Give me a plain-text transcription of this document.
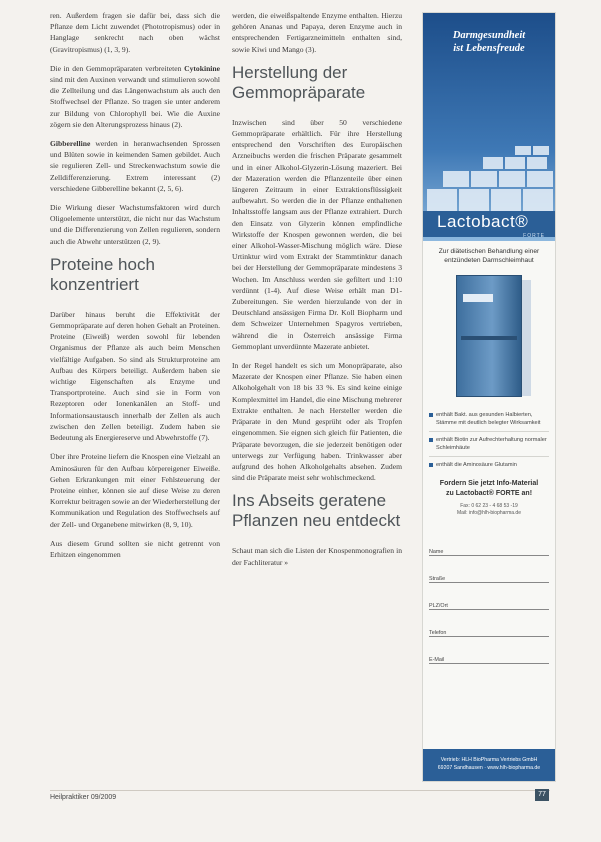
ren. Außerdem fragen sie dafür bei, dass sich die Pflanze dem Licht zuwendet (Phototropismus) oder in Hanglage senkrecht nach oben wächst (Gravitropismus) (1, 3, 9).

Die in den Gemmopräparaten verbreiteten Cytokinine sind mit den Auxinen verwandt und stimulieren sowohl die Zellteilung und das Längenwachstum als auch den Stoffwechsel der Pflanze. So tragen sie unter anderem zur Bildung von Chlorophyll bei. Wie die Auxine zögern sie den Alterungsprozess hinaus (2).

Gibberelline werden in heranwachsenden Sprossen und Blüten sowie in keimenden Samen gebildet. Auch sie regulieren Zell- und Streckenwachstum sowie die Zelldifferenzierung. Extrem interessant (2) verschiedene Gibberelline bekannt (2, 5, 6).

Die Wirkung dieser Wachstumsfaktoren wird durch Oligoelemente unterstützt, die nicht nur das Wachstum und die Differenzierung von Zellen regulieren, sondern auch die Abwehr unterstützen (2, 9).

Proteine hoch konzentriert

Darüber hinaus beruht die Effektivität der Gemmopräparate auf deren hohen Gehalt an Proteinen. Proteine (Eiweiß) werden sowohl für lebenden Organismus der Pflanze als auch beim Menschen vielfältige Aufgaben. So sind als Strukturproteine am Aufbau des Körpers beteiligt. Außerdem haben sie wichtige Eigenschaften als Enzyme und Transportproteine. Auch sind sie in Form von Rezeptoren oder Ionenkanälen an Stoff- und Informationsaustausch innerhalb der Zellen als auch zwischen den Zellen beteiligt. Zudem haben sie Bedeutung als Energiereserve und Abwehrstoffe (7).

Über ihre Proteine liefern die Knospen eine Vielzahl an Aminosäuren für den Aufbau körpereigener Eiweiße. Gehen Erkrankungen mit einer Fehlsteuerung der Proteine einher, können sie auf diese Weise zu deren Korrektur beitragen sowie an der Wiederherstellung der Kommunikation und Regulation des Stoffwechsels auf der Zell- und Organebene mitwirken (8, 9, 10).

Aus diesem Grund sollten sie nicht getrennt von Erhitzen eingenommen

werden, die eiweißspaltende Enzyme enthalten. Hierzu gehören Ananas und Papaya, deren Enzyme auch in entsprechenden Fertigarzneimitteln enthalten sind, sowie Kiwi und Mango (3).

Herstellung der Gemmopräparate

Inzwischen sind über 50 verschiedene Gemmopräparate erhältlich. Für ihre Herstellung entsprechend den Vorschriften des Europäischen Arzneibuchs werden die frischen Präparate gesammelt und in einer Alkohol-Glyzerin-Lösung mazeriert. Bei der Mazeration werden die Pflanzenteile über einen längeren Zeitraum in einer Extraktionsflüssigkeit aufbewahrt. So werden die in der Pflanze enthaltenen Inhaltsstoffe langsam aus der Pflanze extrahiert. Durch den Einsatz von Glyzerin können empfindliche Wirkstoffe der Knospen gewonnen werden, die bei einer Alkohol-Wasser-Mischung möglich wäre. Diese Urtinktur wird vom Extrakt der Stammtinktur danach bei der Herstellung der Gemmopräparate mindestens 3 Wochen. Im Anschluss werden sie gefiltert und 1:10 verdünnt (1-4). Auf diese Weise erhält man D1-Zubereitungen. Sie werden hierzulande von der in Deutschland ansässigen Firma Dr. Koll Biopharm und dem Schweizer Unternehmen Spagyros vertrieben, während die in Österreich ansässige Firma Gemmoplant unverdünnte Mazerate anbietet.

In der Regel handelt es sich um Monopräparate, also Mazerate der Knospen einer Pflanze. Sie haben einen Alkoholgehalt von 18 bis 33 %. Es sind keine einige Komplexmittel im Handel, die eine Mischung mehrerer Extrakte enthalten. Je nach Hersteller werden die Präparate in den Mund gesprüht oder als Tropfen eingenommen. Sie eignen sich gleich für Patienten, die Präparate bevorzugen, die sie jederzeit benötigen oder unterwegs zur Verfügung haben. Trinkwasser aber aufgrund des hohen Alkoholgehalts absehen. Zudem sind die Präparate meist sehr wohlschmeckend.

Ins Abseits geratene Pflanzen neu entdeckt

Schaut man sich die Listen der Knospenmonografien in der Fachliteratur »

Darmgesundheit
ist Lebensfreude
Lactobact®
FORTE
Zur diätetischen Behandlung einer entzündeten Darmschleimhaut
enthält Bakt. aus gesunden Halbierten, Stämme mit deutlich belegter Wirksamkeit
enthält Biotin zur Aufrechterhaltung normaler Schleimhäute
enthält die Aminosäure Glutamin
Fordern Sie jetzt Info-Material
zu Lactobact® FORTE an!
Fax: 0 62 23 - 4 68 53 -19
Mail: info@hlh-biopharma.de
Name
Straße
PLZ/Ort
Telefon
E-Mail
Vertrieb: HLH BioPharma Vertriebs GmbH
69207 Sandhausen · www.hlh-biopharma.de
Heilpraktiker 09/2009	77
